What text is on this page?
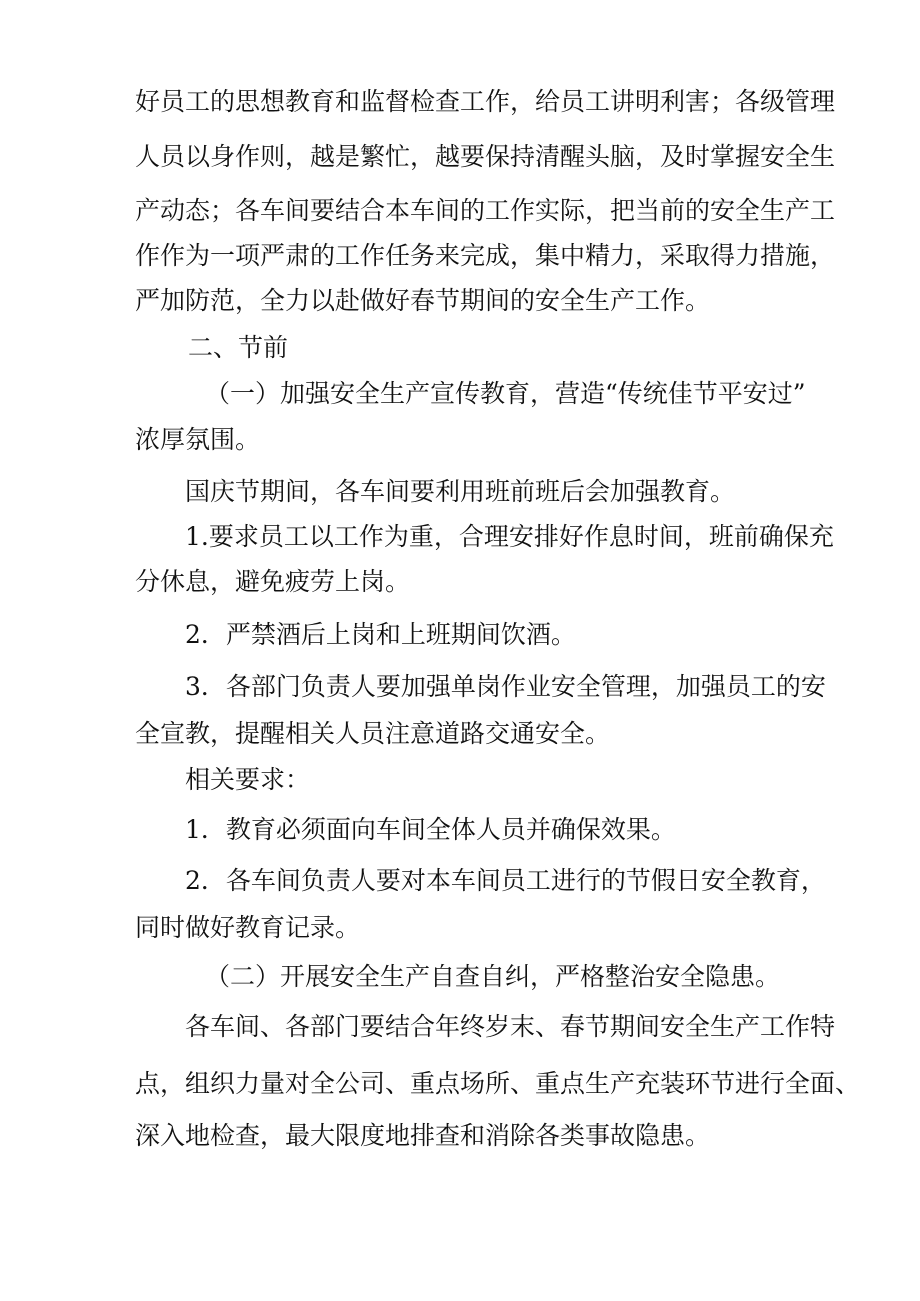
好员工的思想教育和监督检查工作，给员工讲明利害；各级管理
人员以身作则，越是繁忙，越要保持清醒头脑，及时掌握安全生
产动态；各车间要结合本车间的工作实际，把当前的安全生产工
作作为一项严肃的工作任务来完成，集中精力，采取得力措施，
严加防范，全力以赴做好春节期间的安全生产工作。
二、节前
（一）加强安全生产宣传教育，营造“传统佳节平安过”
浓厚氛围。
国庆节期间，各车间要利用班前班后会加强教育。
1.要求员工以工作为重，合理安排好作息时间，班前确保充
分休息，避免疲劳上岗。
2．严禁酒后上岗和上班期间饮酒。
3．各部门负责人要加强单岗作业安全管理，加强员工的安
全宣教，提醒相关人员注意道路交通安全。
相关要求：
1．教育必须面向车间全体人员并确保效果。
2．各车间负责人要对本车间员工进行的节假日安全教育，
同时做好教育记录。
（二）开展安全生产自查自纠，严格整治安全隐患。
各车间、各部门要结合年终岁末、春节期间安全生产工作特
点，组织力量对全公司、重点场所、重点生产充装环节进行全面、
深入地检查，最大限度地排查和消除各类事故隐患。
